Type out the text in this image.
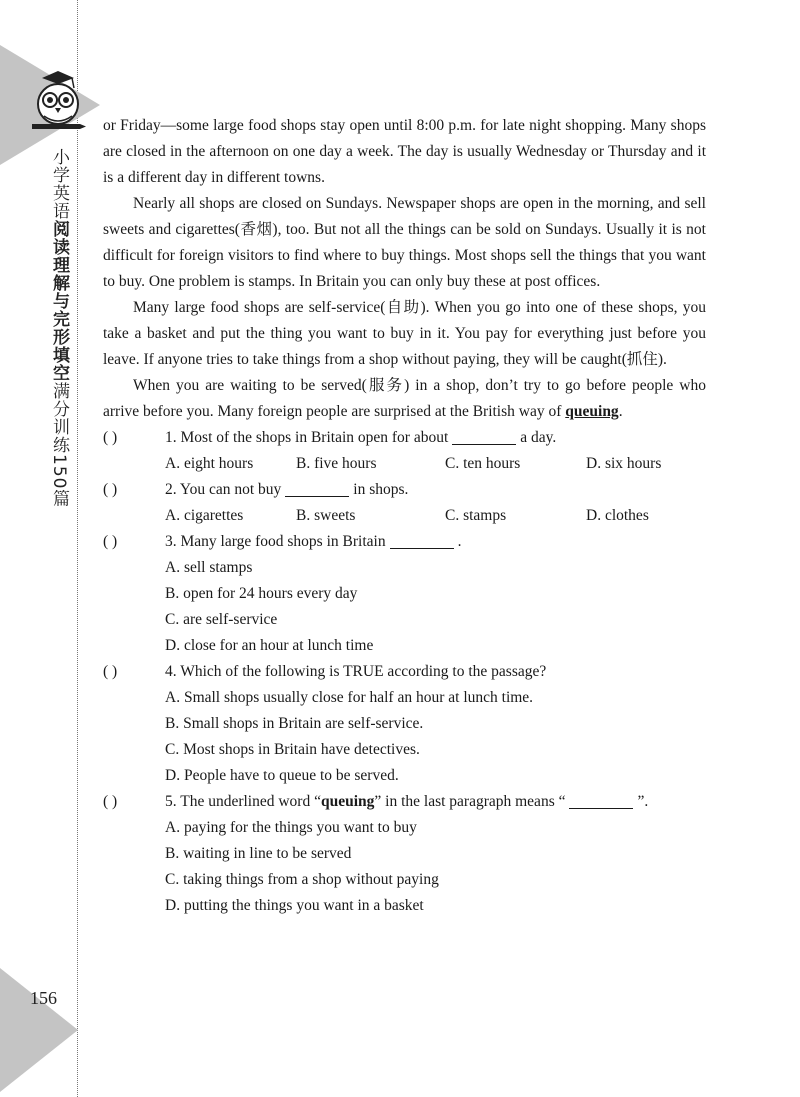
小学英语阅读理解与完形填空满分训练150篇
156
or Friday—some large food shops stay open until 8:00 p.m. for late night shopping. Many shops are closed in the afternoon on one day a week. The day is usually Wednesday or Thursday and it is a different day in different towns.
Nearly all shops are closed on Sundays. Newspaper shops are open in the morning, and sell sweets and cigarettes(香烟), too. But not all the things can be sold on Sundays. Usually it is not difficult for foreign visitors to find where to buy things. Most shops sell the things that you want to buy. One problem is stamps. In Britain you can only buy these at post offices.
Many large food shops are self-service(自助). When you go into one of these shops, you take a basket and put the thing you want to buy in it. You pay for everything just before you leave. If anyone tries to take things from a shop without paying, they will be caught(抓住).
When you are waiting to be served(服务) in a shop, don’t try to go before people who arrive before you. Many foreign people are surprised at the British way of queuing.
( )	1. Most of the shops in Britain open for about	a day.
A. eight hours	B. five hours	C. ten hours	D. six hours
( )	2. You can not buy	in shops.
A. cigarettes	B. sweets	C. stamps	D. clothes
( )	3. Many large food shops in Britain	.
A. sell stamps
B. open for 24 hours every day
C. are self-service
D. close for an hour at lunch time
( )	4. Which of the following is TRUE according to the passage?
A. Small shops usually close for half an hour at lunch time.
B. Small shops in Britain are self-service.
C. Most shops in Britain have detectives.
D. People have to queue to be served.
( )	5. The underlined word “queuing” in the last paragraph means “	”.
A. paying for the things you want to buy
B. waiting in line to be served
C. taking things from a shop without paying
D. putting the things you want in a basket
